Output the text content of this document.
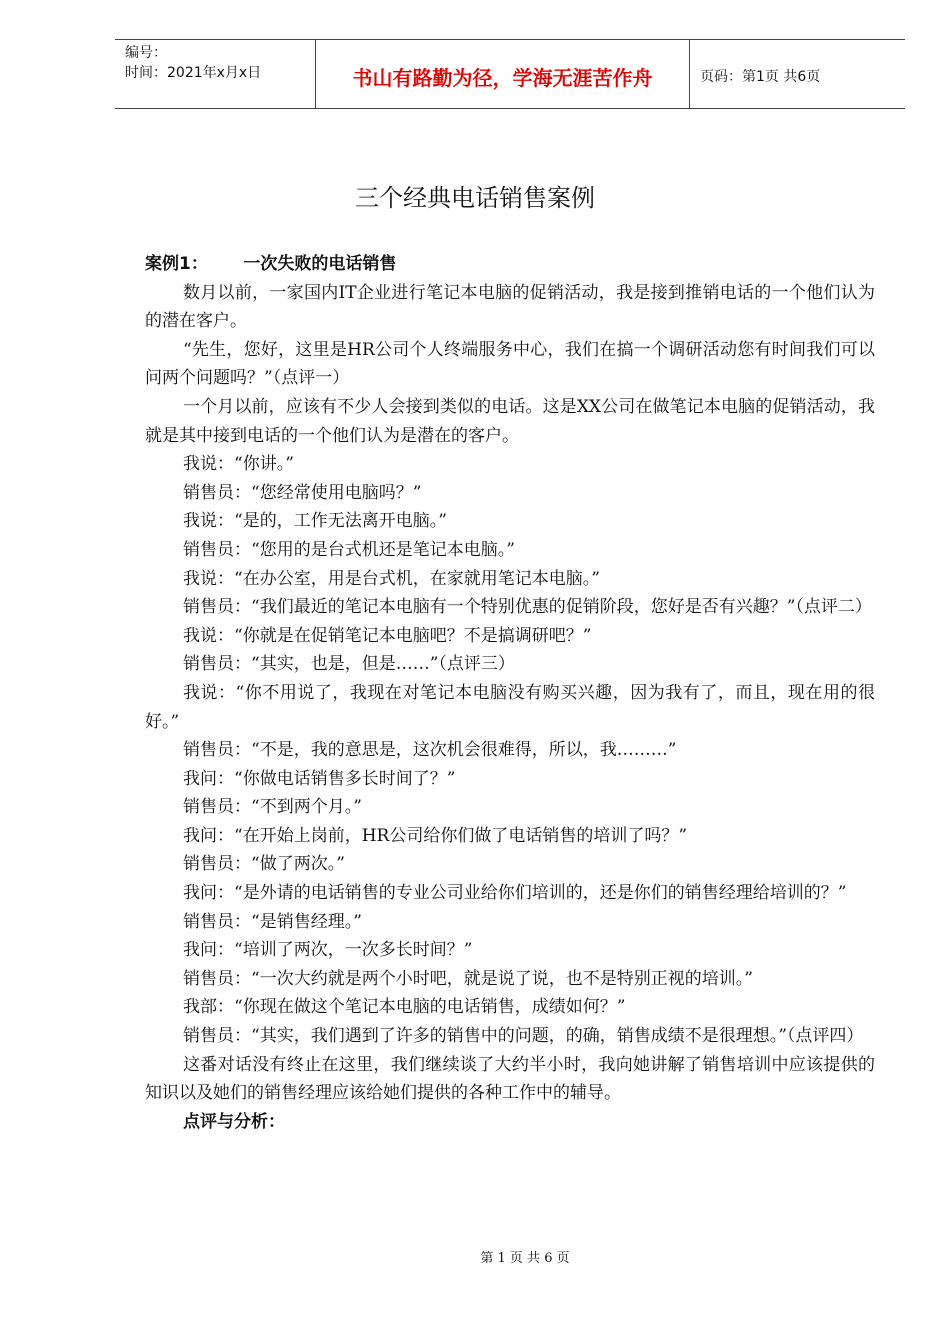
编号：
时间：2021年x月x日	书山有路勤为径，学海无涯苦作舟	页码：第1页 共6页
三个经典电话销售案例
案例1：      一次失败的电话销售
数月以前，一家国内IT企业进行笔记本电脑的促销活动，我是接到推销电话的一个他们认为的潜在客户。
“先生，您好，这里是HR公司个人终端服务中心，我们在搞一个调研活动您有时间我们可以问两个问题吗？”（点评一）
一个月以前，应该有不少人会接到类似的电话。这是XX公司在做笔记本电脑的促销活动，我就是其中接到电话的一个他们认为是潜在的客户。
我说：“你讲。”
销售员：“您经常使用电脑吗？”
我说：“是的，工作无法离开电脑。”
销售员：“您用的是台式机还是笔记本电脑。”
我说：“在办公室，用是台式机，在家就用笔记本电脑。”
销售员：“我们最近的笔记本电脑有一个特别优惠的促销阶段，您好是否有兴趣？”（点评二）
我说：“你就是在促销笔记本电脑吧？不是搞调研吧？”
销售员：“其实，也是，但是……”（点评三）
我说：“你不用说了，我现在对笔记本电脑没有购买兴趣，因为我有了，而且，现在用的很好。”
销售员：“不是，我的意思是，这次机会很难得，所以，我………”
我问：“你做电话销售多长时间了？”
销售员：“不到两个月。”
我问：“在开始上岗前，HR公司给你们做了电话销售的培训了吗？”
销售员：“做了两次。”
我问：“是外请的电话销售的专业公司业给你们培训的，还是你们的销售经理给培训的？”
销售员：“是销售经理。”
我问：“培训了两次，一次多长时间？”
销售员：“一次大约就是两个小时吧，就是说了说，也不是特别正视的培训。”
我部：“你现在做这个笔记本电脑的电话销售，成绩如何？”
销售员：“其实，我们遇到了许多的销售中的问题，的确，销售成绩不是很理想。”（点评四）
这番对话没有终止在这里，我们继续谈了大约半小时，我向她讲解了销售培训中应该提供的知识以及她们的销售经理应该给她们提供的各种工作中的辅导。
点评与分析：
第 1 页 共 6 页
